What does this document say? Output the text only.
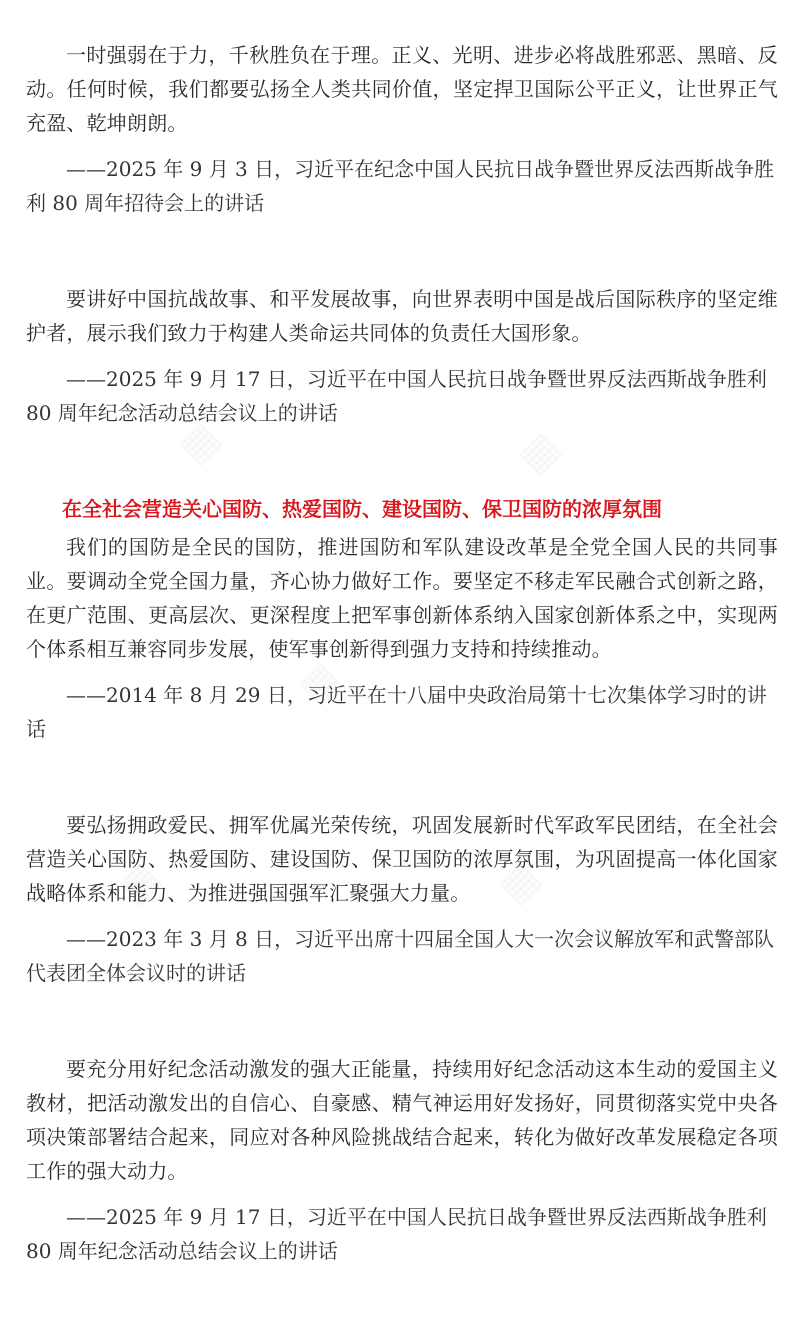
一时强弱在于力，千秋胜负在于理。正义、光明、进步必将战胜邪恶、黑暗、反动。任何时候，我们都要弘扬全人类共同价值，坚定捍卫国际公平正义，让世界正气充盈、乾坤朗朗。

——2025 年 9 月 3 日，习近平在纪念中国人民抗日战争暨世界反法西斯战争胜利 80 周年招待会上的讲话

要讲好中国抗战故事、和平发展故事，向世界表明中国是战后国际秩序的坚定维护者，展示我们致力于构建人类命运共同体的负责任大国形象。

——2025 年 9 月 17 日，习近平在中国人民抗日战争暨世界反法西斯战争胜利 80 周年纪念活动总结会议上的讲话

在全社会营造关心国防、热爱国防、建设国防、保卫国防的浓厚氛围

我们的国防是全民的国防，推进国防和军队建设改革是全党全国人民的共同事业。要调动全党全国力量，齐心协力做好工作。要坚定不移走军民融合式创新之路，在更广范围、更高层次、更深程度上把军事创新体系纳入国家创新体系之中，实现两个体系相互兼容同步发展，使军事创新得到强力支持和持续推动。

——2014 年 8 月 29 日，习近平在十八届中央政治局第十七次集体学习时的讲话

要弘扬拥政爱民、拥军优属光荣传统，巩固发展新时代军政军民团结，在全社会营造关心国防、热爱国防、建设国防、保卫国防的浓厚氛围，为巩固提高一体化国家战略体系和能力、为推进强国强军汇聚强大力量。

——2023 年 3 月 8 日，习近平出席十四届全国人大一次会议解放军和武警部队代表团全体会议时的讲话

要充分用好纪念活动激发的强大正能量，持续用好纪念活动这本生动的爱国主义教材，把活动激发出的自信心、自豪感、精气神运用好发扬好，同贯彻落实党中央各项决策部署结合起来，同应对各种风险挑战结合起来，转化为做好改革发展稳定各项工作的强大动力。

——2025 年 9 月 17 日，习近平在中国人民抗日战争暨世界反法西斯战争胜利 80 周年纪念活动总结会议上的讲话
